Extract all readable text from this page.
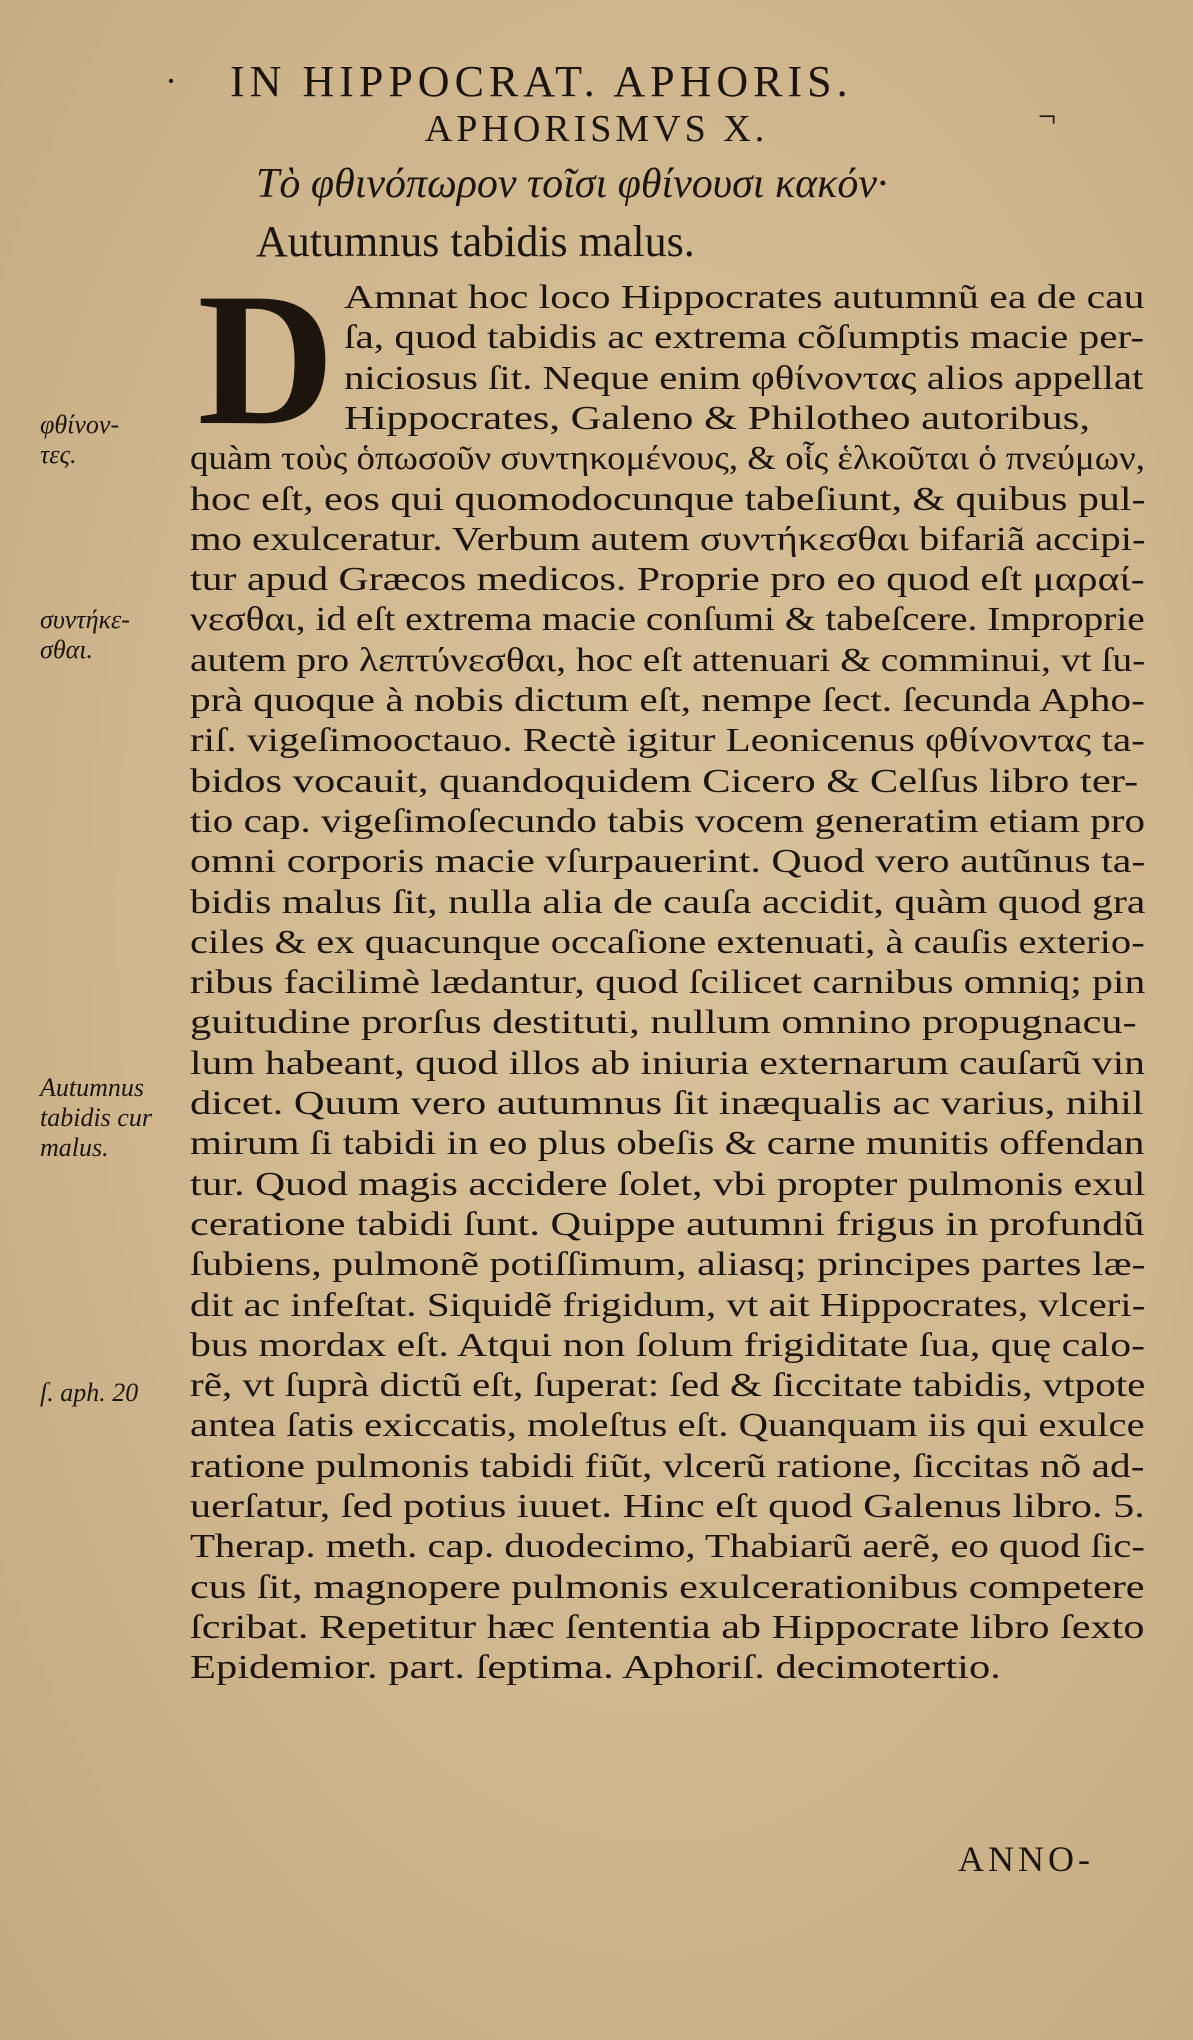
· IN HIPPOCRAT. APHORIS.
APHORISMVS X.	¬
Τὸ φθινόπωρον τοῖσι φθίνουσι κακόν·
Autumnus tabidis malus.
D Amnat hoc loco Hippocrates autumnũ ea de cau
ſa, quod tabidis ac extrema cõſumptis macie per-
niciosus ſit. Neque enim φθίνοντας alios appellat
Hippocrates, Galeno & Philotheo autoribus,
quàm τοὺς ὁπωσοῦν συντηκομένους, & οἷς ἑλκοῦται ὁ πνεύμων,
hoc eſt, eos qui quomodocunque tabeſiunt, & quibus pul-
mo exulceratur. Verbum autem συντήκεσθαι bifariã accipi-
tur apud Græcos medicos. Proprie pro eo quod eſt μαραί-
νεσθαι, id eſt extrema macie conſumi & tabeſcere. Improprie
autem pro λεπτύνεσθαι, hoc eſt attenuari & comminui, vt ſu-
prà quoque à nobis dictum eſt, nempe ſect. ſecunda Apho-
riſ. vigeſimooctauo. Rectè igitur Leonicenus φθίνοντας ta-
bidos vocauit, quandoquidem Cicero & Celſus libro ter-
tio cap. vigeſimoſecundo tabis vocem generatim etiam pro
omni corporis macie vſurpauerint. Quod vero autũnus ta-
bidis malus ſit, nulla alia de cauſa accidit, quàm quod gra
ciles & ex quacunque occaſione extenuati, à cauſis exterio-
ribus facilimè lædantur, quod ſcilicet carnibus omniq; pin
guitudine prorſus destituti, nullum omnino propugnacu-
lum habeant, quod illos ab iniuria externarum cauſarũ vin
dicet. Quum vero autumnus ſit inæqualis ac varius, nihil
mirum ſi tabidi in eo plus obeſis & carne munitis offendan
tur. Quod magis accidere ſolet, vbi propter pulmonis exul
ceratione tabidi ſunt. Quippe autumni frigus in profundũ
ſubiens, pulmonẽ potiſſimum, aliasq; principes partes læ-
dit ac infeſtat. Siquidẽ frigidum, vt ait Hippocrates, vlceri-
bus mordax eſt. Atqui non ſolum frigiditate ſua, quę calo-
rẽ, vt ſuprà dictũ eſt, ſuperat: ſed & ſiccitate tabidis, vtpote
antea ſatis exiccatis, moleſtus eſt. Quanquam iis qui exulce
ratione pulmonis tabidi fiũt, vlcerũ ratione, ſiccitas nõ ad-
uerſatur, ſed potius iuuet. Hinc eſt quod Galenus libro. 5.
Therap. meth. cap. duodecimo, Thabiarũ aerẽ, eo quod ſic-
cus ſit, magnopere pulmonis exulcerationibus competere
ſcribat. Repetitur hæc ſententia ab Hippocrate libro ſexto
Epidemior. part. ſeptima. Aphoriſ. decimotertio.
φθίνον-
τες.
συντήκε-
σθαι.
Autumnus
tabidis cur
malus.
ſ. aph. 20
ANNO-
